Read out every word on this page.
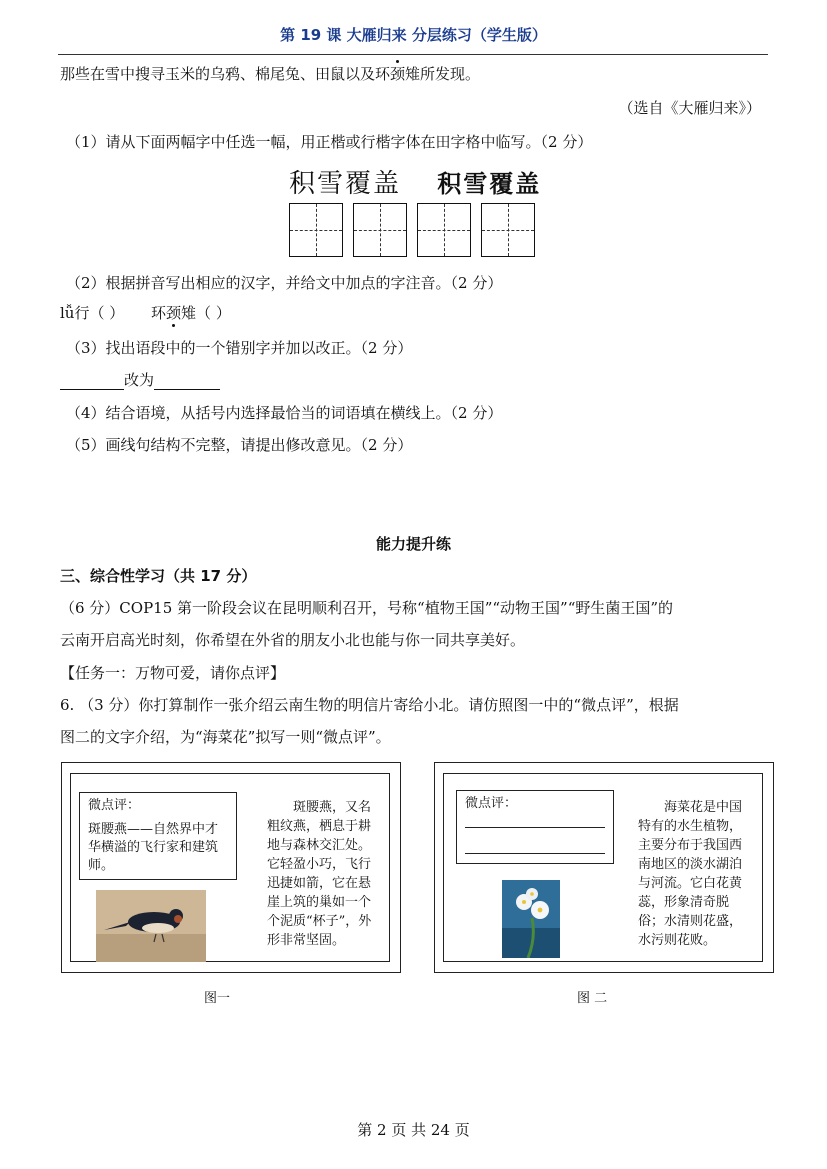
第 19 课 大雁归来 分层练习（学生版）
那些在雪中搜寻玉米的乌鸦、棉尾兔、田鼠以及环颈雉所发现。
（选自《大雁归来》）
（1）请从下面两幅字中任选一幅，用正楷或行楷字体在田字格中临写。（2 分）
积雪覆盖 积雪覆盖
（2）根据拼音写出相应的汉字，并给文中加点的字注音。（2 分）
lǚ行（ ） 环颈雉（ ）
（3）找出语段中的一个错别字并加以改正。（2 分）
改为
（4）结合语境，从括号内选择最恰当的词语填在横线上。（2 分）
（5）画线句结构不完整，请提出修改意见。（2 分）
能力提升练
三、综合性学习（共 17 分）
（6 分）COP15 第一阶段会议在昆明顺利召开，号称“植物王国”“动物王国”“野生菌王国”的
云南开启高光时刻，你希望在外省的朋友小北也能与你一同共享美好。
【任务一：万物可爱，请你点评】
6. （3 分）你打算制作一张介绍云南生物的明信片寄给小北。请仿照图一中的“微点评”，根据
图二的文字介绍，为“海菜花”拟写一则“微点评”。
微点评：
斑腰燕——自然界中才华横溢的飞行家和建筑师。
斑腰燕，又名粗纹燕，栖息于耕地与森林交汇处。它轻盈小巧，飞行迅捷如箭，它在悬崖上筑的巢如一个个泥质“杯子”，外形非常坚固。
图一
微点评：	海菜花是中国特有的水生植物，主要分布于我国西南地区的淡水湖泊与河流。它白花黄蕊，形象清奇脱俗；水清则花盛，水污则花败。
图 二
第 2 页 共 24 页
